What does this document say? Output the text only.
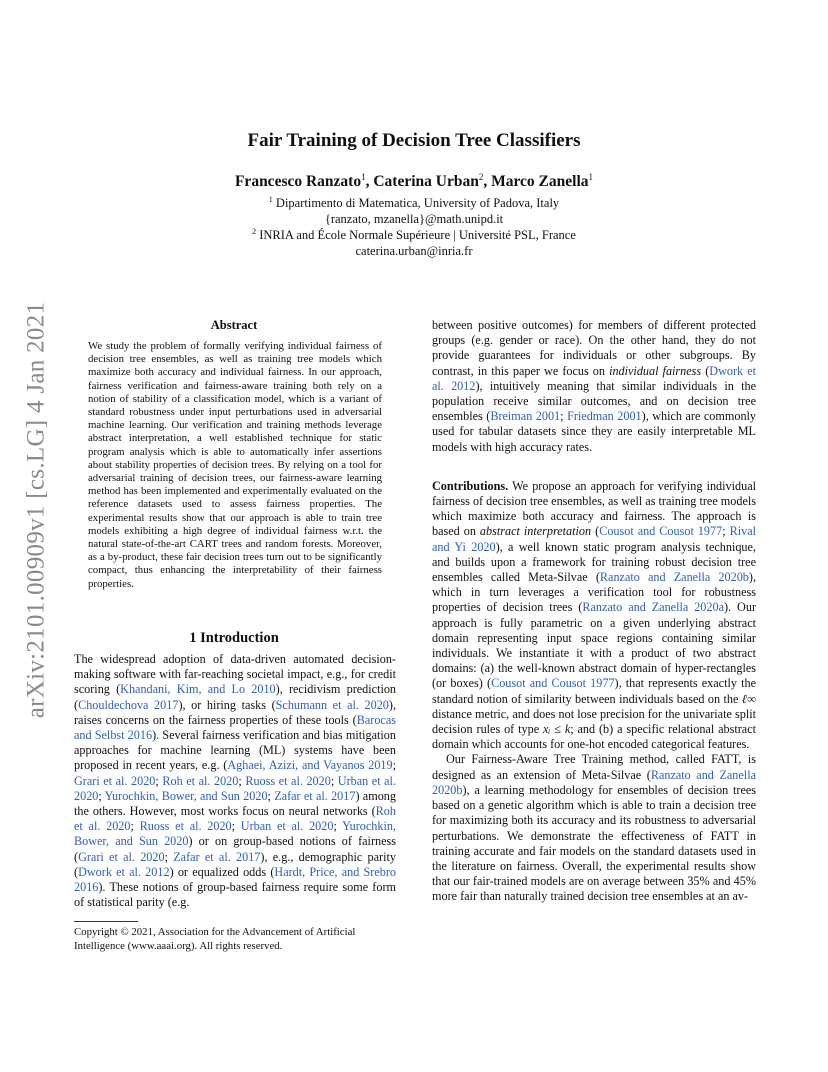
arXiv:2101.00909v1 [cs.LG] 4 Jan 2021
Fair Training of Decision Tree Classifiers
Francesco Ranzato$^1$, Caterina Urban$^2$, Marco Zanella$^1$
$^1$ Dipartimento di Matematica, University of Padova, Italy
{ranzato, mzanella}@math.unipd.it
$^2$ INRIA and École Normale Supérieure | Université PSL, France
caterina.urban@inria.fr
Abstract
We study the problem of formally verifying individual fairness of decision tree ensembles, as well as training tree models which maximize both accuracy and individual fairness. In our approach, fairness verification and fairness-aware training both rely on a notion of stability of a classification model, which is a variant of standard robustness under input perturbations used in adversarial machine learning. Our verification and training methods leverage abstract interpretation, a well established technique for static program analysis which is able to automatically infer assertions about stability properties of decision trees. By relying on a tool for adversarial training of decision trees, our fairness-aware learning method has been implemented and experimentally evaluated on the reference datasets used to assess fairness properties. The experimental results show that our approach is able to train tree models exhibiting a high degree of individual fairness w.r.t. the natural state-of-the-art CART trees and random forests. Moreover, as a by-product, these fair decision trees turn out to be significantly compact, thus enhancing the interpretability of their fairness properties.
1 Introduction

The widespread adoption of data-driven automated decision-making software with far-reaching societal impact, e.g., for credit scoring (Khandani, Kim, and Lo 2010), recidivism prediction (Chouldechova 2017), or hiring tasks (Schumann et al. 2020), raises concerns on the fairness properties of these tools (Barocas and Selbst 2016). Several fairness verification and bias mitigation approaches for machine learning (ML) systems have been proposed in recent years, e.g. (Aghaei, Azizi, and Vayanos 2019; Grari et al. 2020; Roh et al. 2020; Ruoss et al. 2020; Urban et al. 2020; Yurochkin, Bower, and Sun 2020; Zafar et al. 2017) among the others. However, most works focus on neural networks (Roh et al. 2020; Ruoss et al. 2020; Urban et al. 2020; Yurochkin, Bower, and Sun 2020) or on group-based notions of fairness (Grari et al. 2020; Zafar et al. 2017), e.g., demographic parity (Dwork et al. 2012) or equalized odds (Hardt, Price, and Srebro 2016). These notions of group-based fairness require some form of statistical parity (e.g.

between positive outcomes) for members of different protected groups (e.g. gender or race). On the other hand, they do not provide guarantees for individuals or other subgroups. By contrast, in this paper we focus on individual fairness (Dwork et al. 2012), intuitively meaning that similar individuals in the population receive similar outcomes, and on decision tree ensembles (Breiman 2001; Friedman 2001), which are commonly used for tabular datasets since they are easily interpretable ML models with high accuracy rates.

Contributions. We propose an approach for verifying individual fairness of decision tree ensembles, as well as training tree models which maximize both accuracy and fairness. The approach is based on abstract interpretation (Cousot and Cousot 1977; Rival and Yi 2020), a well known static program analysis technique, and builds upon a framework for training robust decision tree ensembles called Meta-Silvae (Ranzato and Zanella 2020b), which in turn leverages a verification tool for robustness properties of decision trees (Ranzato and Zanella 2020a). Our approach is fully parametric on a given underlying abstract domain representing input space regions containing similar individuals. We instantiate it with a product of two abstract domains: (a) the well-known abstract domain of hyper-rectangles (or boxes) (Cousot and Cousot 1977), that represents exactly the standard notion of similarity between individuals based on the ℓ∞ distance metric, and does not lose precision for the univariate split decision rules of type xᵢ ≤ k; and (b) a specific relational abstract domain which accounts for one-hot encoded categorical features.

Our Fairness-Aware Tree Training method, called FATT, is designed as an extension of Meta-Silvae (Ranzato and Zanella 2020b), a learning methodology for ensembles of decision trees based on a genetic algorithm which is able to train a decision tree for maximizing both its accuracy and its robustness to adversarial perturbations. We demonstrate the effectiveness of FATT in training accurate and fair models on the standard datasets used in the literature on fairness. Overall, the experimental results show that our fair-trained models are on average between 35% and 45% more fair than naturally trained decision tree ensembles at an av-

Copyright © 2021, Association for the Advancement of Artificial Intelligence (www.aaai.org). All rights reserved.
